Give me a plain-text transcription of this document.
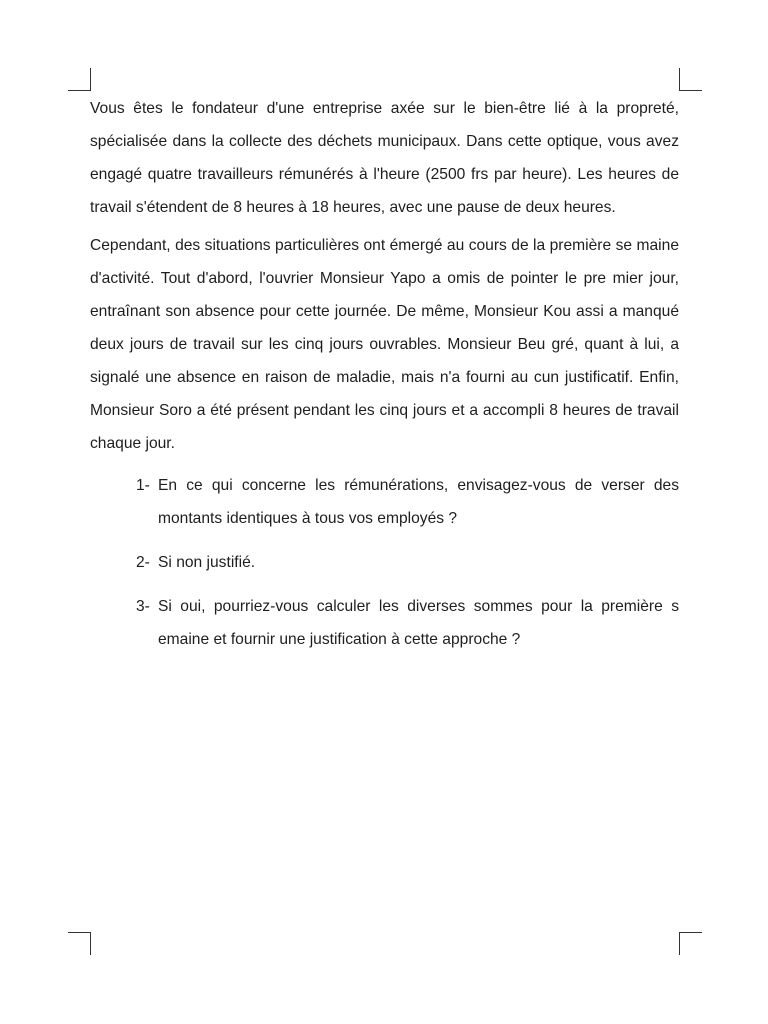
Vous êtes le fondateur d'une entreprise axée sur le bien-être lié à la propreté, spécialisée dans la collecte des déchets municipaux. Dans cette optique, vous avez engagé quatre travailleurs rémunérés à l'heure (2500 frs par heure). Les heures de travail s'étendent de 8 heures à 18 heures, avec une pause de deux heures.

Cependant, des situations particulières ont émergé au cours de la première se maine d'activité. Tout d'abord, l'ouvrier Monsieur Yapo a omis de pointer le pre mier jour, entraînant son absence pour cette journée. De même, Monsieur Kou assi a manqué deux jours de travail sur les cinq jours ouvrables. Monsieur Beu gré, quant à lui, a signalé une absence en raison de maladie, mais n'a fourni au cun justificatif. Enfin, Monsieur Soro a été présent pendant les cinq jours et a accompli 8 heures de travail chaque jour.

1- En ce qui concerne les rémunérations, envisagez-vous de verser des montants identiques à tous vos employés ?
2- Si non justifié.
3- Si oui, pourriez-vous calculer les diverses sommes pour la première s emaine et fournir une justification à cette approche ?
